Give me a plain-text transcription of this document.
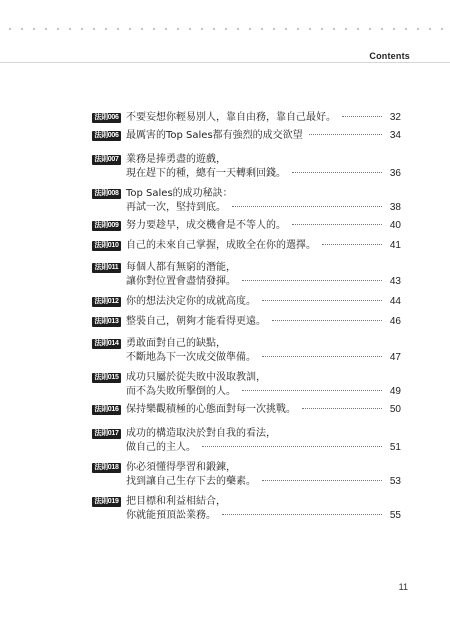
Contents
法則006 不要妄想你輕易別人，靠自由務，靠自己最好。	32
法則006 最厲害的Top Sales都有強烈的成交欲望	34
法則007 業務是捧勇盡的遊戲，
現在趕下的種，總有一天轉剩回錢。	36
法則008 Top Sales的成功秘訣：
再試一次，堅持到底。	38
法則009 努力要趁早，成交機會是不等人的。	40
法則010 自己的未來自己掌握，成敗全在你的選擇。	41
法則011 每個人都有無窮的潛能，
讓你對位置會盡情發揮。	43
法則012 你的想法決定你的成就高度。	44
法則013 整裝自己，朝夠才能看得更遠。	46
法則014 勇敢面對自己的缺點，
不斷地為下一次成交做準備。	47
法則015 成功只屬於從失敗中汲取教訓，
而不為失敗所擊倒的人。	49
法則016 保持樂觀積極的心態面對每一次挑戰。	50
法則017 成功的構造取決於對自我的看法，
做自己的主人。	51
法則018 你必須懂得學習和鍛鍊，
找到讓自己生存下去的藥素。	53
法則019 把目標和利益相結合，
你就能預頂訟業務。	55
11
